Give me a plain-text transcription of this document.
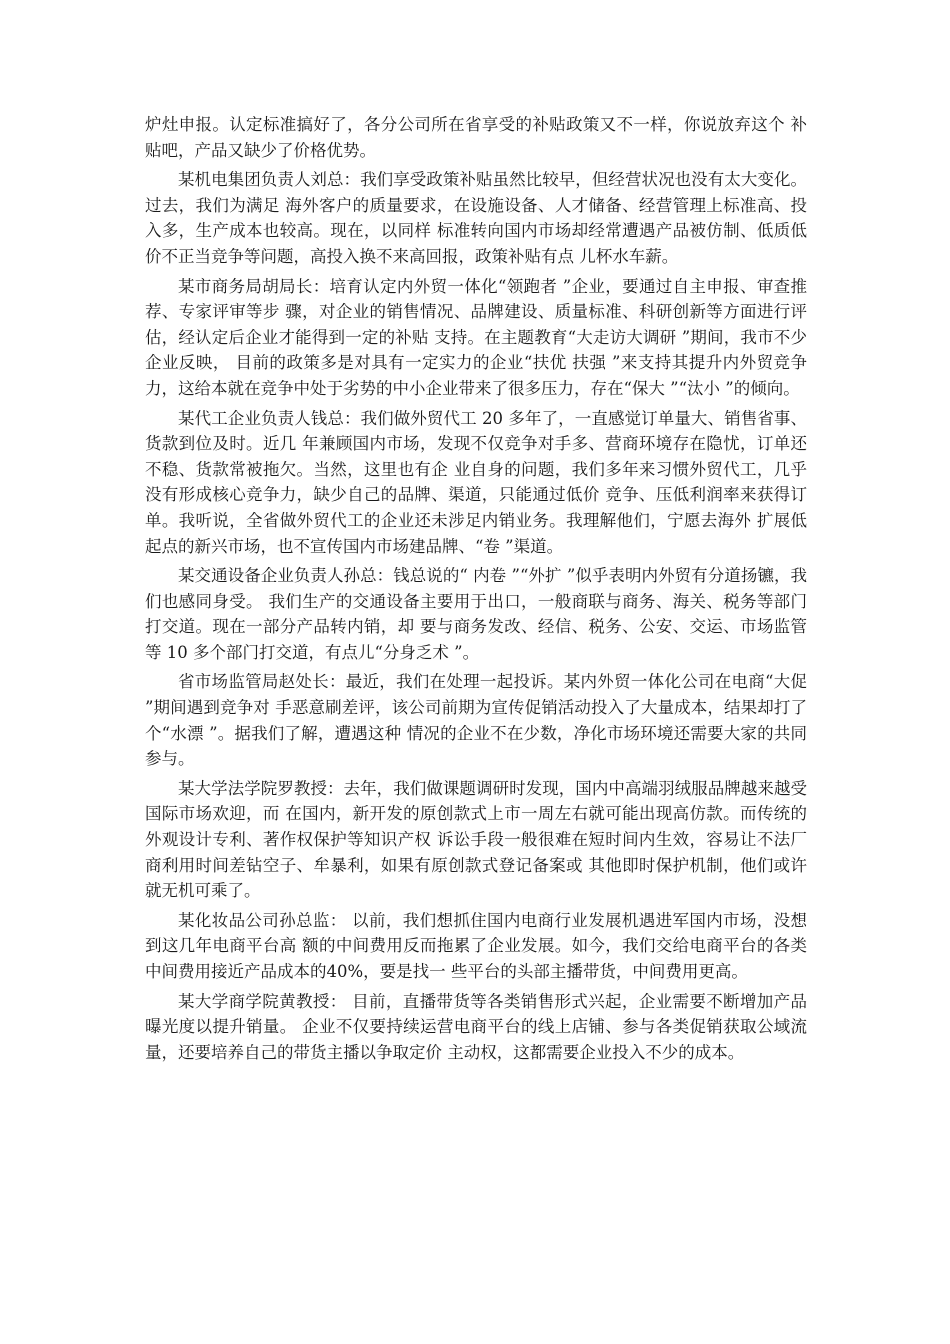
炉灶申报。认定标准搞好了，各分公司所在省享受的补贴政策又不一样，你说放弃这个 补贴吧，产品又缺少了价格优势。

某机电集团负责人刘总：我们享受政策补贴虽然比较早，但经营状况也没有太大变化。过去，我们为满足 海外客户的质量要求，在设施设备、人才储备、经营管理上标准高、投入多，生产成本也较高。现在，以同样 标准转向国内市场却经常遭遇产品被仿制、低质低价不正当竞争等问题，高投入换不来高回报，政策补贴有点 儿杯水车薪。

某市商务局胡局长：培育认定内外贸一体化“领跑者 ”企业，要通过自主申报、审查推荐、专家评审等步 骤，对企业的销售情况、品牌建设、质量标准、科研创新等方面进行评估，经认定后企业才能得到一定的补贴 支持。在主题教育“大走访大调研 ”期间，我市不少企业反映， 目前的政策多是对具有一定实力的企业“扶优 扶强 ”来支持其提升内外贸竞争力，这给本就在竞争中处于劣势的中小企业带来了很多压力，存在“保大 ”“汰小 ”的倾向。

某代工企业负责人钱总：我们做外贸代工 20 多年了，一直感觉订单量大、销售省事、货款到位及时。近几 年兼顾国内市场，发现不仅竞争对手多、营商环境存在隐忧，订单还不稳、货款常被拖欠。当然，这里也有企 业自身的问题，我们多年来习惯外贸代工，几乎没有形成核心竞争力，缺少自己的品牌、渠道，只能通过低价 竞争、压低利润率来获得订单。我听说，全省做外贸代工的企业还未涉足内销业务。我理解他们，宁愿去海外 扩展低起点的新兴市场，也不宣传国内市场建品牌、“卷 ”渠道。

某交通设备企业负责人孙总：钱总说的“ 内卷 ”“外扩 ”似乎表明内外贸有分道扬镳，我们也感同身受。 我们生产的交通设备主要用于出口，一般商联与商务、海关、税务等部门打交道。现在一部分产品转内销，却 要与商务发改、经信、税务、公安、交运、市场监管等 10 多个部门打交道，有点儿“分身乏术 ”。

省市场监管局赵处长：最近，我们在处理一起投诉。某内外贸一体化公司在电商“大促 ”期间遇到竞争对 手恶意刷差评，该公司前期为宣传促销活动投入了大量成本，结果却打了个“水漂 ”。据我们了解，遭遇这种 情况的企业不在少数，净化市场环境还需要大家的共同参与。

某大学法学院罗教授：去年，我们做课题调研时发现，国内中高端羽绒服品牌越来越受国际市场欢迎，而 在国内，新开发的原创款式上市一周左右就可能出现高仿款。而传统的外观设计专利、著作权保护等知识产权 诉讼手段一般很难在短时间内生效，容易让不法厂商利用时间差钻空子、牟暴利，如果有原创款式登记备案或 其他即时保护机制，他们或许就无机可乘了。

某化妆品公司孙总监： 以前，我们想抓住国内电商行业发展机遇进军国内市场，没想到这几年电商平台高 额的中间费用反而拖累了企业发展。如今，我们交给电商平台的各类中间费用接近产品成本的40%，要是找一 些平台的头部主播带货，中间费用更高。

某大学商学院黄教授： 目前，直播带货等各类销售形式兴起，企业需要不断增加产品曝光度以提升销量。 企业不仅要持续运营电商平台的线上店铺、参与各类促销获取公域流量，还要培养自己的带货主播以争取定价 主动权，这都需要企业投入不少的成本。
